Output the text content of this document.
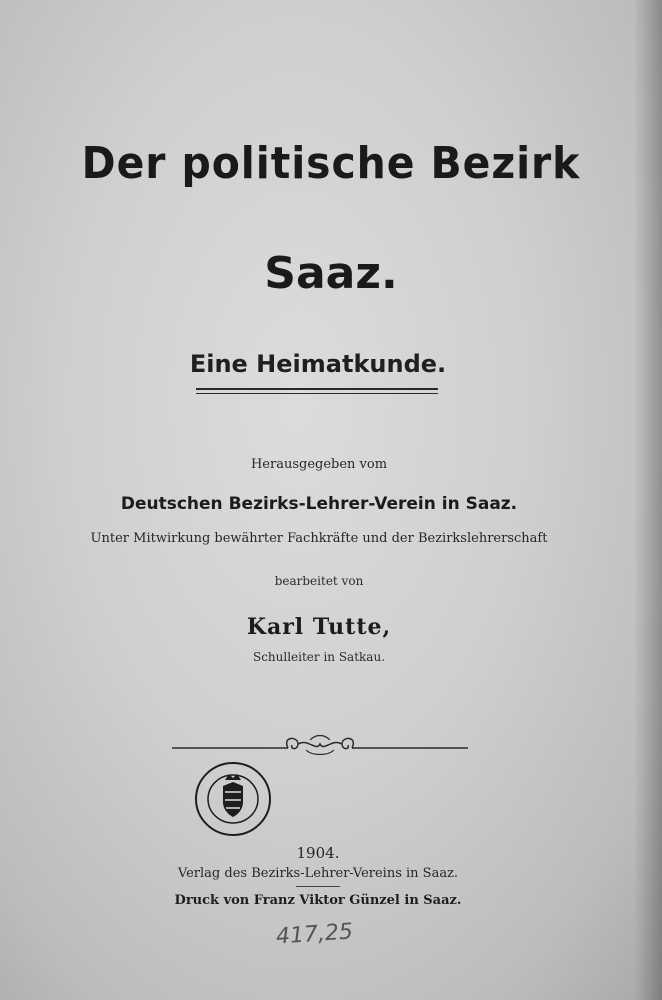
Der politische Bezirk
Saaz.
Eine Heimatkunde.
Herausgegeben vom
Deutschen Bezirks-Lehrer-Verein in Saaz.
Unter Mitwirkung bewährter Fachkräfte und der Bezirkslehrerschaft
bearbeitet von
Karl Tutte,
Schulleiter in Satkau.
1904.
Verlag des Bezirks-Lehrer-Vereins in Saaz.
Druck von Franz Viktor Günzel in Saaz.
417,25
